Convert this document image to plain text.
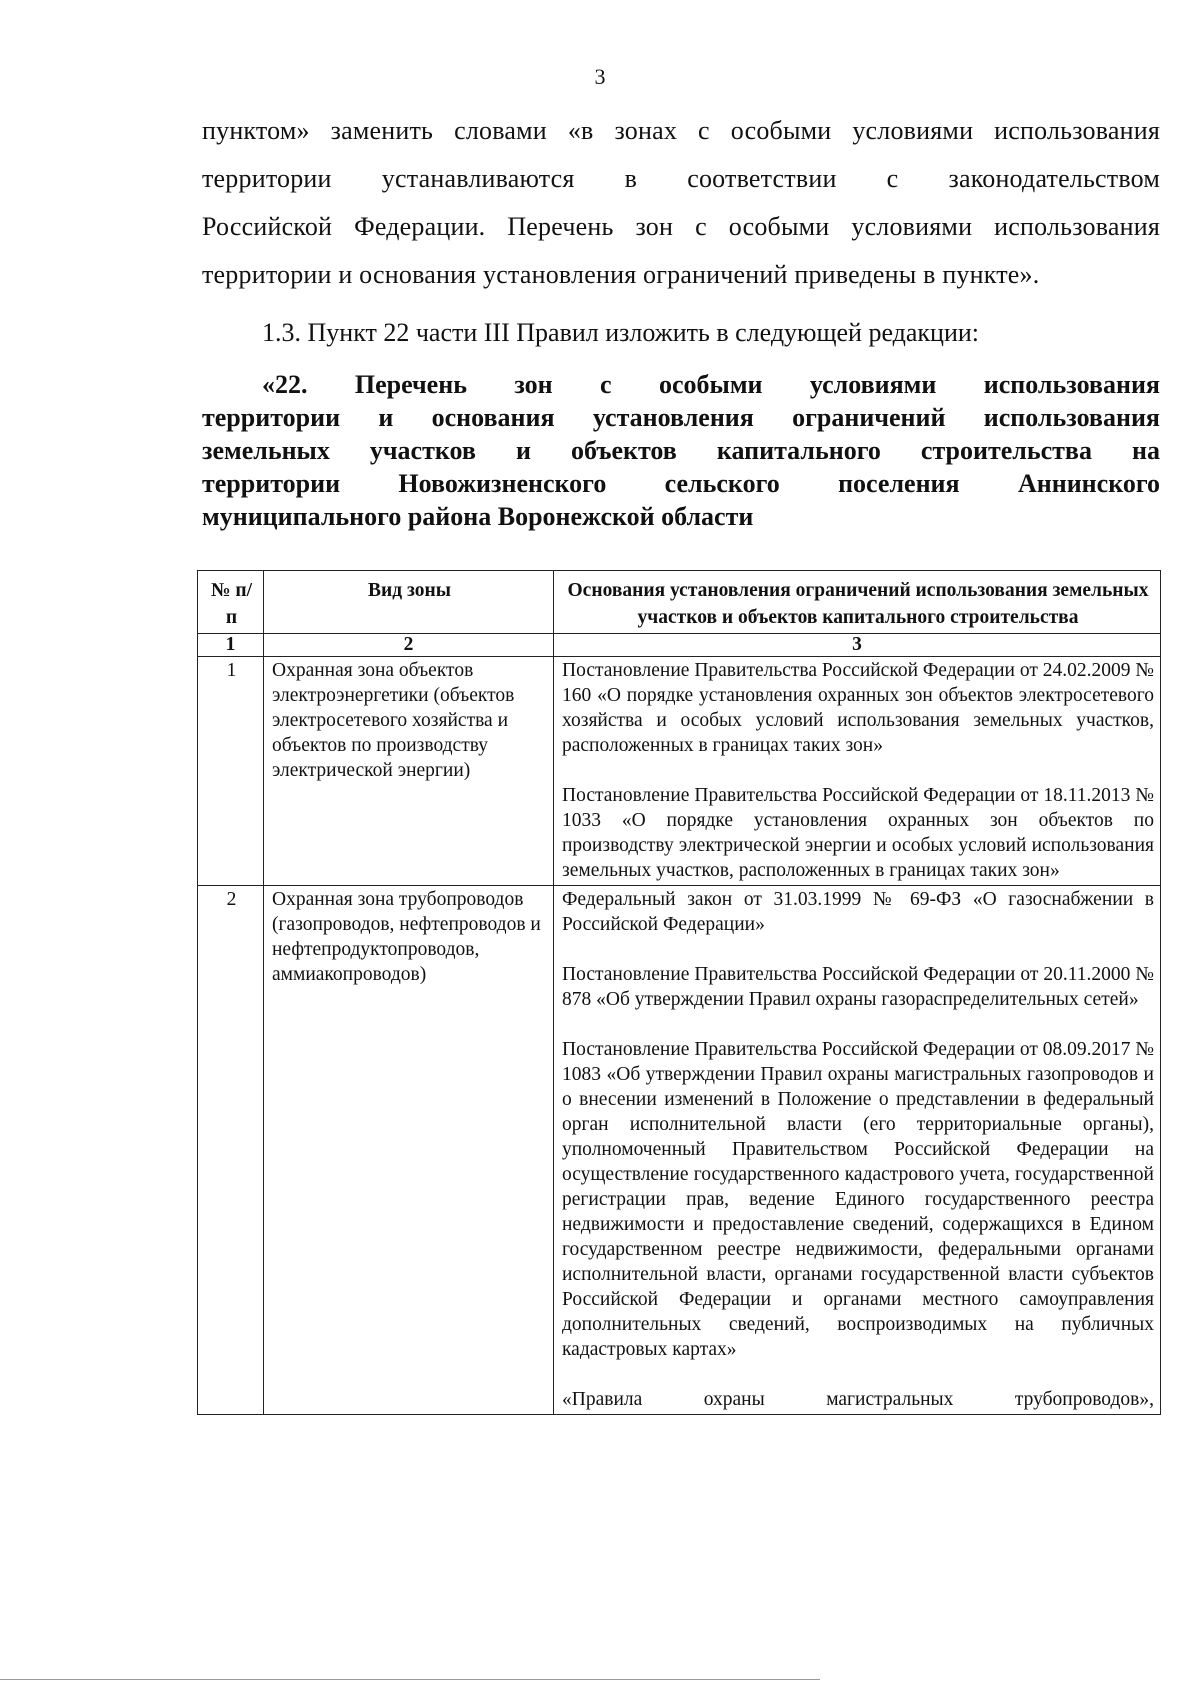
3
пунктом» заменить словами «в зонах с особыми условиями использования
территории устанавливаются в соответствии с законодательством
Российской Федерации. Перечень зон с особыми условиями использования
территории и основания установления ограничений приведены в пункте».
1.3. Пункт 22 части III Правил изложить в следующей редакции:
«22. Перечень зон с особыми условиями использования
территории и основания установления ограничений использования
земельных участков и объектов капитального строительства на
территории Новожизненского сельского поселения Аннинского
муниципального района Воронежской области
№ п/п	Вид зоны	Основания установления ограничений использования земельных участков и объектов капитального строительства
1	2	3
1	Охранная зона объектов электроэнергетики (объектов электросетевого хозяйства и объектов по производству электрической энергии)	Постановление Правительства Российской Федерации от 24.02.2009 № 160 «О порядке установления охранных зон объектов электросетевого хозяйства и особых условий использования земельных участков, расположенных в границах таких зон»

Постановление Правительства Российской Федерации от 18.11.2013 № 1033 «О порядке установления охранных зон объектов по производству электрической энергии и особых условий использования земельных участков, расположенных в границах таких зон»

2	Охранная зона трубопроводов (газопроводов, нефтепроводов и нефтепродуктопроводов, аммиакопроводов)	Федеральный закон от 31.03.1999 № 69-ФЗ «О газоснабжении в Российской Федерации»

Постановление Правительства Российской Федерации от 20.11.2000 № 878 «Об утверждении Правил охраны газораспределительных сетей»

Постановление Правительства Российской Федерации от 08.09.2017 № 1083 «Об утверждении Правил охраны магистральных газопроводов и о внесении изменений в Положение о представлении в федеральный орган исполнительной власти (его территориальные органы), уполномоченный Правительством Российской Федерации на осуществление государственного кадастрового учета, государственной регистрации прав, ведение Единого государственного реестра недвижимости и предоставление сведений, содержащихся в Едином государственном реестре недвижимости, федеральными органами исполнительной власти, органами государственной власти субъектов Российской Федерации и органами местного самоуправления дополнительных сведений, воспроизводимых на публичных кадастровых картах»

«Правила охраны магистральных трубопроводов»,
